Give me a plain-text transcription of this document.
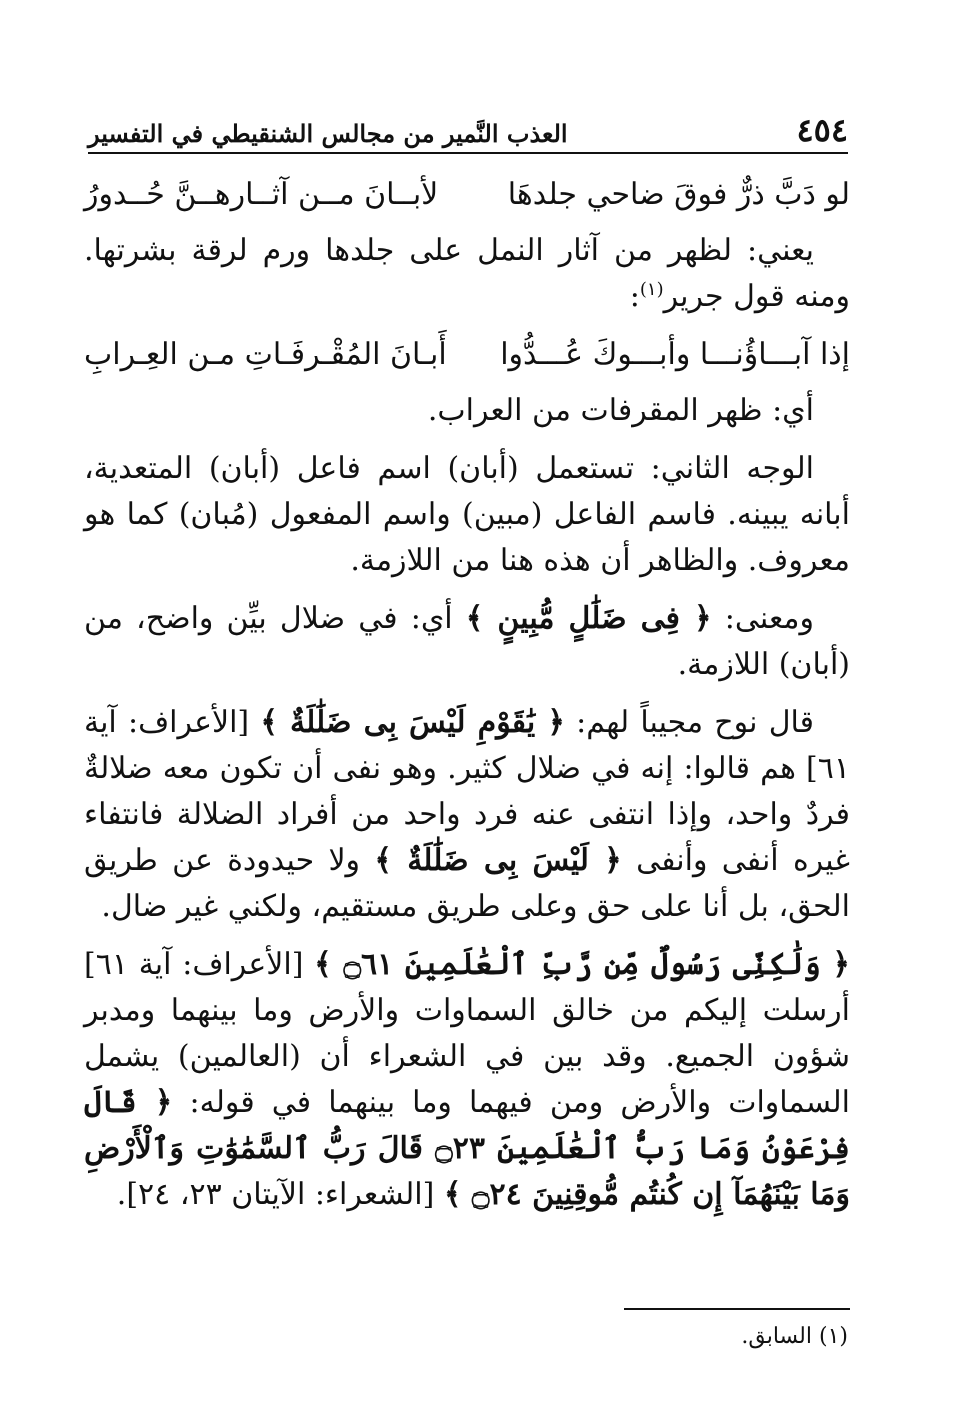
٤٥٤
العذب النَّمير من مجالس الشنقيطي في التفسير
لو دَبَّ ذرٌّ فوقَ ضاحي جلدهَا
لأبــانَ مــن آثــارهــنَّ حُــدورُ

يعني: لظهر من آثار النمل على جلدها ورم لرقة بشرتها. ومنه قول جرير$^{(١)}$:

إذا آبـــاؤُنـــا وأبـــوكَ عُـــدُّوا
أَبـانَ المُقْـرفَـاتِ مـن العِـرابِ

أي: ظهر المقرفات من العراب.

الوجه الثاني: تستعمل (أبان) اسم فاعل (أبان) المتعدية، أبانه يبينه. فاسم الفاعل (مبين) واسم المفعول (مُبان) كما هو معروف. والظاهر أن هذه هنا من اللازمة.

ومعنى: ﴿ فِى ضَلَٰلٍ مُّبِينٍ ﴾ أي: في ضلال بيِّن واضح، من (أبان) اللازمة.

قال نوح مجيباً لهم: ﴿ يَٰقَوْمِ لَيْسَ بِى ضَلَٰلَةٌ ﴾ [الأعراف: آية ٦١] هم قالوا: إنه في ضلال كثير. وهو نفى أن تكون معه ضلالةٌ فردٌ واحد، وإذا انتفى عنه فرد واحد من أفراد الضلالة فانتفاء غيره أنفى وأنفى ﴿ لَيْسَ بِى ضَلَٰلَةٌ ﴾ ولا حيدودة عن طريق الحق، بل أنا على حق وعلى طريق مستقيم، ولكني غير ضال.

﴿ وَلَٰكِنِّى رَسُولٌ مِّن رَّبِّ ٱلْعَٰلَمِينَ ۝٦١ ﴾ [الأعراف: آية ٦١] أرسلت إليكم من خالق السماوات والأرض وما بينهما ومدبر شؤون الجميع. وقد بين في الشعراء أن (العالمين) يشمل السماوات والأرض ومن فيهما وما بينهما في قوله: ﴿ قَالَ فِرْعَوْنُ وَمَا رَبُّ ٱلْعَٰلَمِينَ ۝٢٣ قَالَ رَبُّ ٱلسَّمَٰوَٰتِ وَٱلْأَرْضِ وَمَا بَيْنَهُمَآ إِن كُنتُم مُّوقِنِينَ ۝٢٤ ﴾ [الشعراء: الآيتان ٢٣، ٢٤].

(١) السابق.
